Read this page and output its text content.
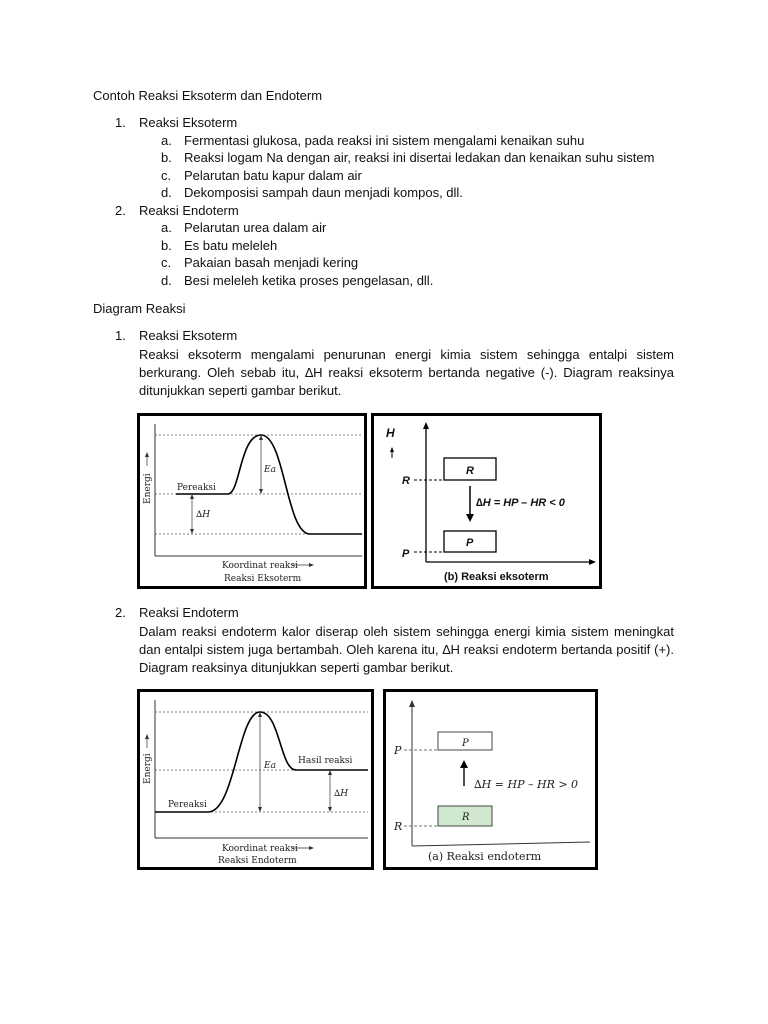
Contoh Reaksi Eksoterm dan Endoterm
1. Reaksi Eksoterm
a. Fermentasi glukosa, pada reaksi ini sistem mengalami kenaikan suhu
b. Reaksi logam Na dengan air, reaksi ini disertai ledakan dan kenaikan suhu sistem
c. Pelarutan batu kapur dalam air
d. Dekomposisi sampah daun menjadi kompos, dll.
2. Reaksi Endoterm
a. Pelarutan urea dalam air
b. Es batu meleleh
c. Pakaian basah menjadi kering
d. Besi meleleh ketika proses pengelasan, dll.
Diagram Reaksi
1. Reaksi Eksoterm
Reaksi eksoterm mengalami penurunan energi kimia sistem sehingga entalpi sistem berkurang. Oleh sebab itu, ∆H reaksi eksoterm bertanda negative (-). Diagram reaksinya ditunjukkan seperti gambar berikut.
Energi	Pereaksi
Ea
∆H
Koordinat reaksi
Reaksi Eksoterm
H
R
P
R
P
∆H = HP – HR < 0
(b) Reaksi eksoterm
2. Reaksi Endoterm
Dalam reaksi endoterm kalor diserap oleh sistem sehingga energi kimia sistem meningkat dan entalpi sistem juga bertambah. Oleh karena itu, ∆H reaksi endoterm bertanda positif (+). Diagram reaksinya ditunjukkan seperti gambar berikut.
Energi
Pereaksi
Hasil reaksi
Ea
∆H
Koordinat reaksi
Reaksi Endoterm
P
R
P
R
∆H = HP – HR > 0
(a) Reaksi endoterm
